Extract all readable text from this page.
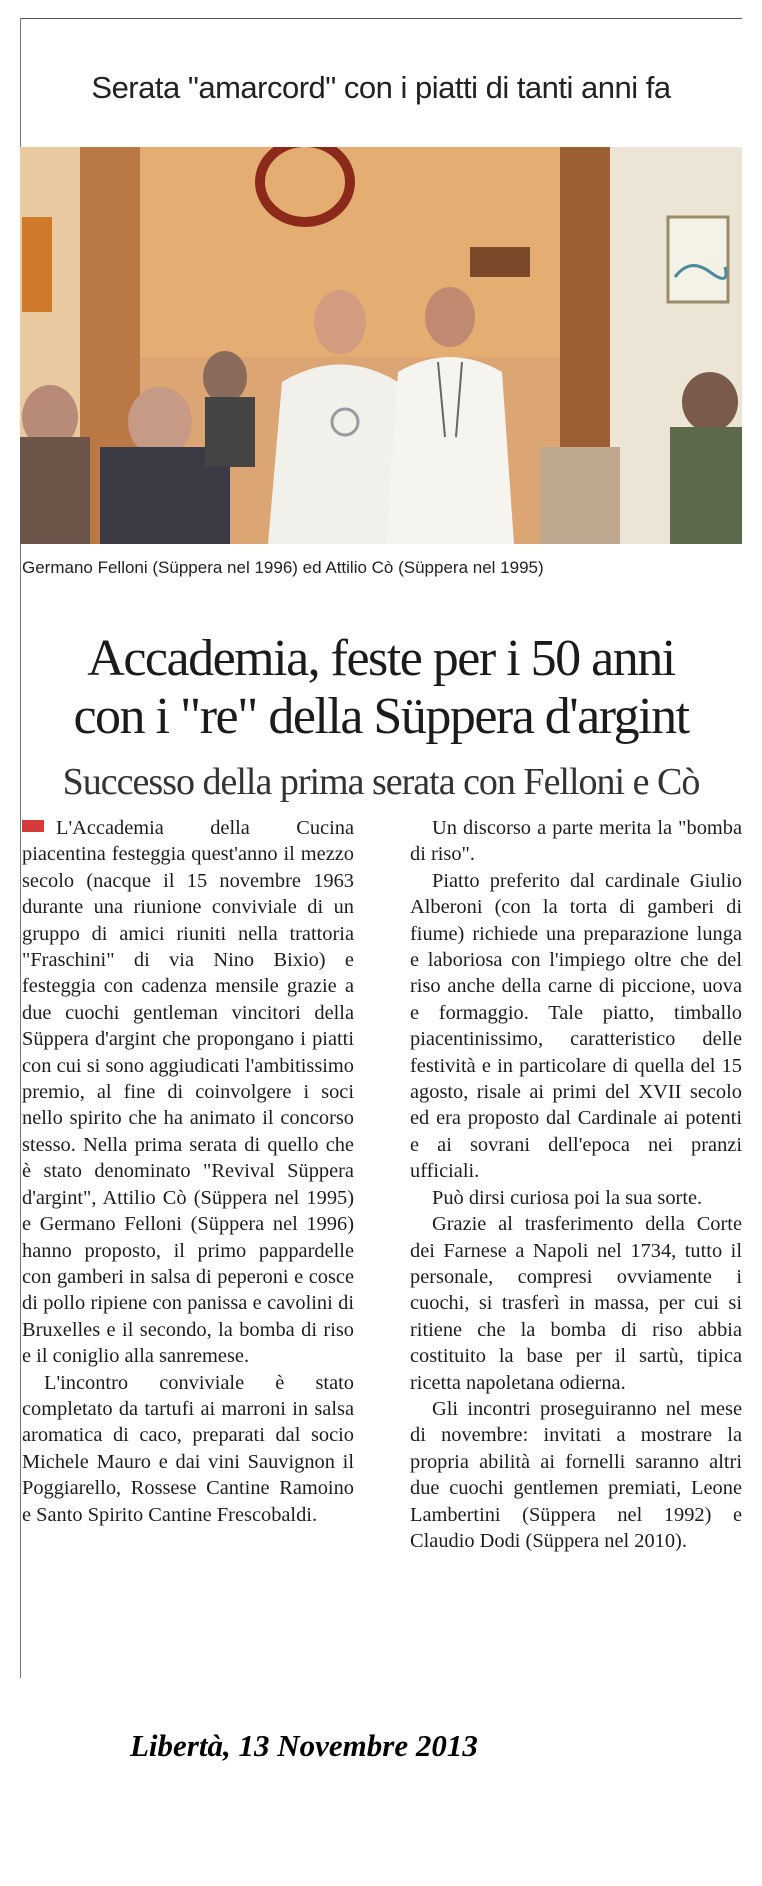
Serata "amarcord" con i piatti di tanti anni fa
Germano Felloni (Süppera nel 1996) ed Attilio Cò (Süppera nel 1995)
Accademia, feste per i 50 anni
con i "re" della Süppera d'argint
Successo della prima serata con Felloni e Cò

L'Accademia della Cucina piacentina festeggia quest'anno il mezzo secolo (nacque il 15 novembre 1963 durante una riunione conviviale di un gruppo di amici riuniti nella trattoria "Fraschini" di via Nino Bixio) e festeggia con cadenza mensile grazie a due cuochi gentleman vincitori della Süppera d'argint che propongano i piatti con cui si sono aggiudicati l'ambitissimo premio, al fine di coinvolgere i soci nello spirito che ha animato il concorso stesso. Nella prima serata di quello che è stato denominato "Revival Süppera d'argint", Attilio Cò (Süppera nel 1995) e Germano Felloni (Süppera nel 1996) hanno proposto, il primo pappardelle con gamberi in salsa di peperoni e cosce di pollo ripiene con panissa e cavolini di Bruxelles e il secondo, la bomba di riso e il coniglio alla sanremese.

L'incontro conviviale è stato completato da tartufi ai marroni in salsa aromatica di caco, preparati dal socio Michele Mauro e dai vini Sauvignon il Poggiarello, Rossese Cantine Ramoino e Santo Spirito Cantine Frescobaldi.

Un discorso a parte merita la "bomba di riso".

Piatto preferito dal cardinale Giulio Alberoni (con la torta di gamberi di fiume) richiede una preparazione lunga e laboriosa con l'impiego oltre che del riso anche della carne di piccione, uova e formaggio. Tale piatto, timballo piacentinissimo, caratteristico delle festività e in particolare di quella del 15 agosto, risale ai primi del XVII secolo ed era proposto dal Cardinale ai potenti e ai sovrani dell'epoca nei pranzi ufficiali.

Può dirsi curiosa poi la sua sorte.

Grazie al trasferimento della Corte dei Farnese a Napoli nel 1734, tutto il personale, compresi ovviamente i cuochi, si trasferì in massa, per cui si ritiene che la bomba di riso abbia costituito la base per il sartù, tipica ricetta napoletana odierna.

Gli incontri proseguiranno nel mese di novembre: invitati a mostrare la propria abilità ai fornelli saranno altri due cuochi gentlemen premiati, Leone Lambertini (Süppera nel 1992) e Claudio Dodi (Süppera nel 2010).

Libertà, 13 Novembre 2013
